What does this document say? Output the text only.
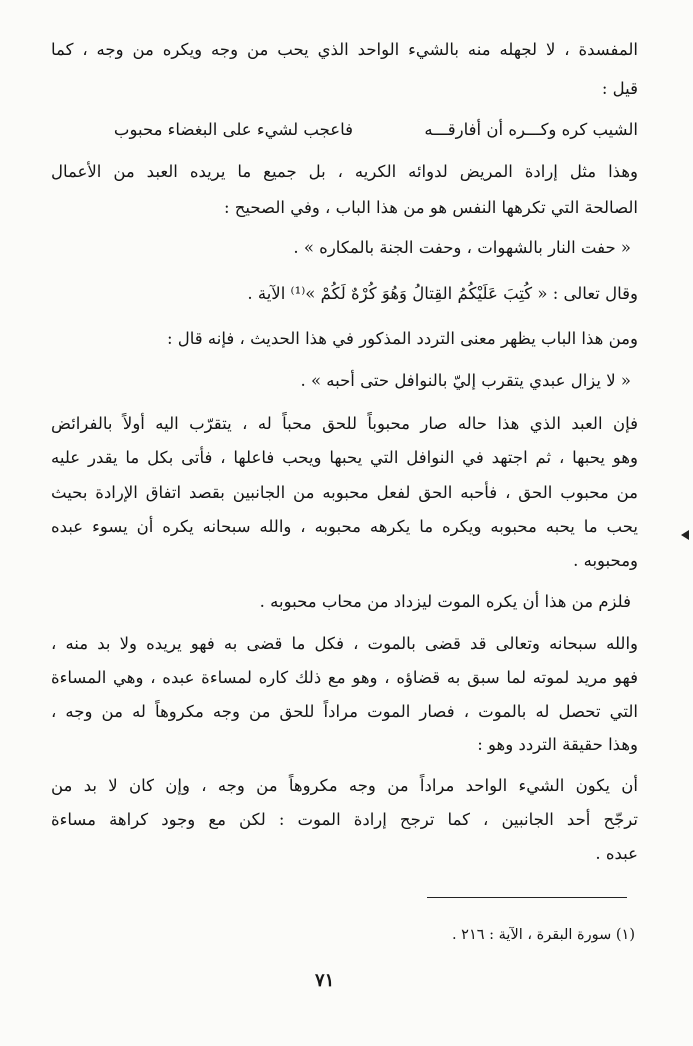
المفسدة ، لا لجهله منه بالشيء الواحد الذي يحب من وجه ويكره من وجه ، كما
قيل :
الشيب كره وكـــره أن أفارقـــه
فاعجب لشيء على البغضاء محبوب
وهذا مثل إرادة المريض لدوائه الكريه ، بل جميع ما يريده العبد من الأعمال
الصالحة التي تكرهها النفس هو من هذا الباب ، وفي الصحيح :
« حفت النار بالشهوات ، وحفت الجنة بالمكاره » .
وقال تعالى : « كُتِبَ عَلَيْكُمُ القِتالُ وَهُوَ كُرْهٌ لَكُمْ »⁽¹⁾ الآية .
ومن هذا الباب يظهر معنى التردد المذكور في هذا الحديث ، فإنه قال :
« لا يزال عبدي يتقرب إليّ بالنوافل حتى أحبه » .
فإن العبد الذي هذا حاله صار محبوباً للحق محباً له ، يتقرّب اليه أولاً بالفرائض
وهو يحبها ، ثم اجتهد في النوافل التي يحبها ويحب فاعلها ، فأتى بكل ما يقدر عليه
من محبوب الحق ، فأحبه الحق لفعل محبوبه من الجانبين بقصد اتفاق الإرادة بحيث
يحب ما يحبه محبوبه ويكره ما يكرهه محبوبه ، والله سبحانه يكره أن يسوء عبده
ومحبوبه .
فلزم من هذا أن يكره الموت ليزداد من محاب محبوبه .
والله سبحانه وتعالى قد قضى بالموت ، فكل ما قضى به فهو يريده ولا بد منه ،
فهو مريد لموته لما سبق به قضاؤه ، وهو مع ذلك كاره لمساءة عبده ، وهي المساءة
التي تحصل له بالموت ، فصار الموت مراداً للحق من وجه مكروهاً له من وجه ،
وهذا حقيقة التردد وهو :
أن يكون الشيء الواحد مراداً من وجه مكروهاً من وجه ، وإن كان لا بد من
ترجّح أحد الجانبين ، كما ترجح إرادة الموت : لكن مع وجود كراهة مساءة
عبده .
(١) سورة البقرة ، الآية : ٢١٦ .
٧١
